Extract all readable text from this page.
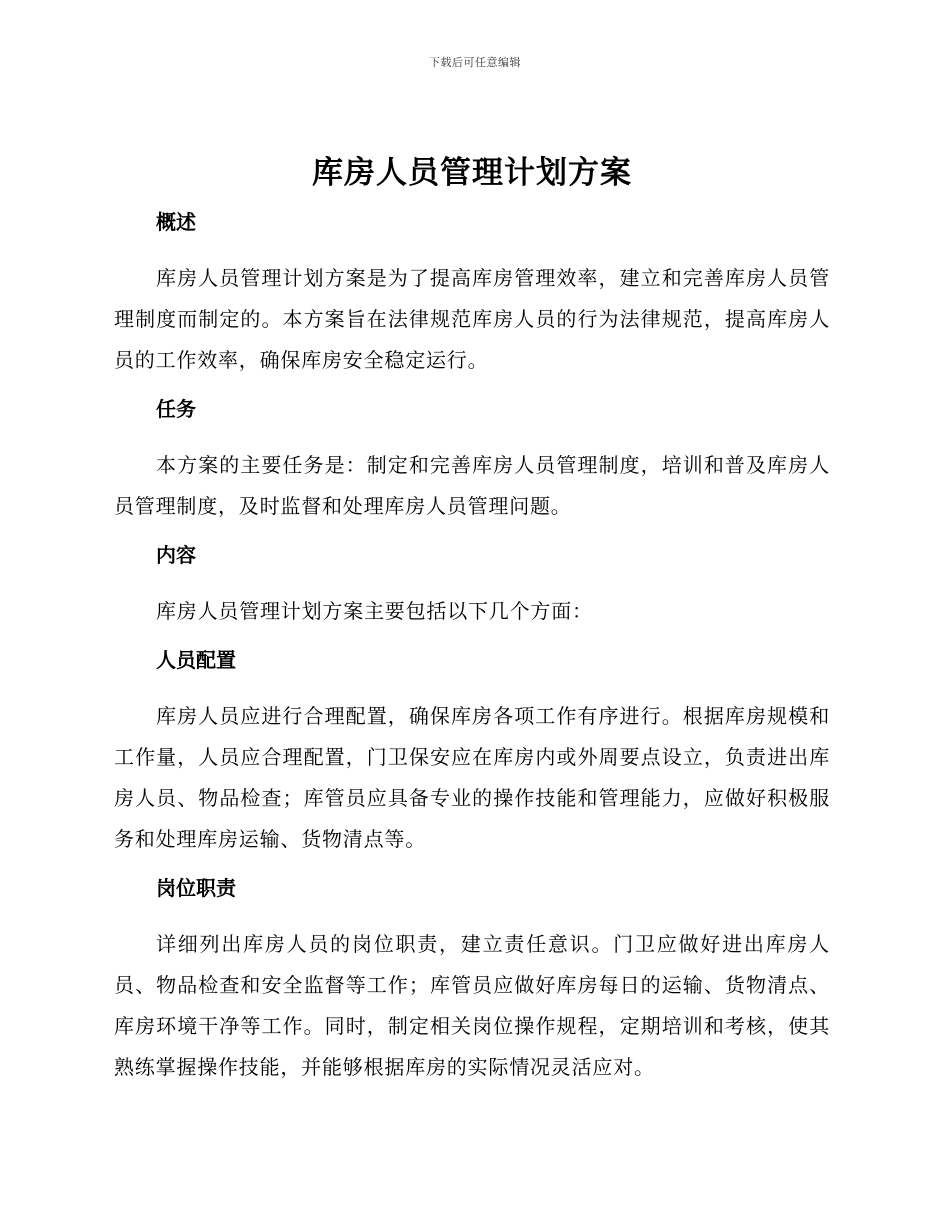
下载后可任意编辑
库房人员管理计划方案
概述

库房人员管理计划方案是为了提高库房管理效率，建立和完善库房人员管理制度而制定的。本方案旨在法律规范库房人员的行为法律规范，提高库房人员的工作效率，确保库房安全稳定运行。

任务

本方案的主要任务是：制定和完善库房人员管理制度，培训和普及库房人员管理制度，及时监督和处理库房人员管理问题。

内容

库房人员管理计划方案主要包括以下几个方面：

人员配置

库房人员应进行合理配置，确保库房各项工作有序进行。根据库房规模和工作量，人员应合理配置，门卫保安应在库房内或外周要点设立，负责进出库房人员、物品检查；库管员应具备专业的操作技能和管理能力，应做好积极服务和处理库房运输、货物清点等。

岗位职责

详细列出库房人员的岗位职责，建立责任意识。门卫应做好进出库房人员、物品检查和安全监督等工作；库管员应做好库房每日的运输、货物清点、库房环境干净等工作。同时，制定相关岗位操作规程，定期培训和考核，使其熟练掌握操作技能，并能够根据库房的实际情况灵活应对。
